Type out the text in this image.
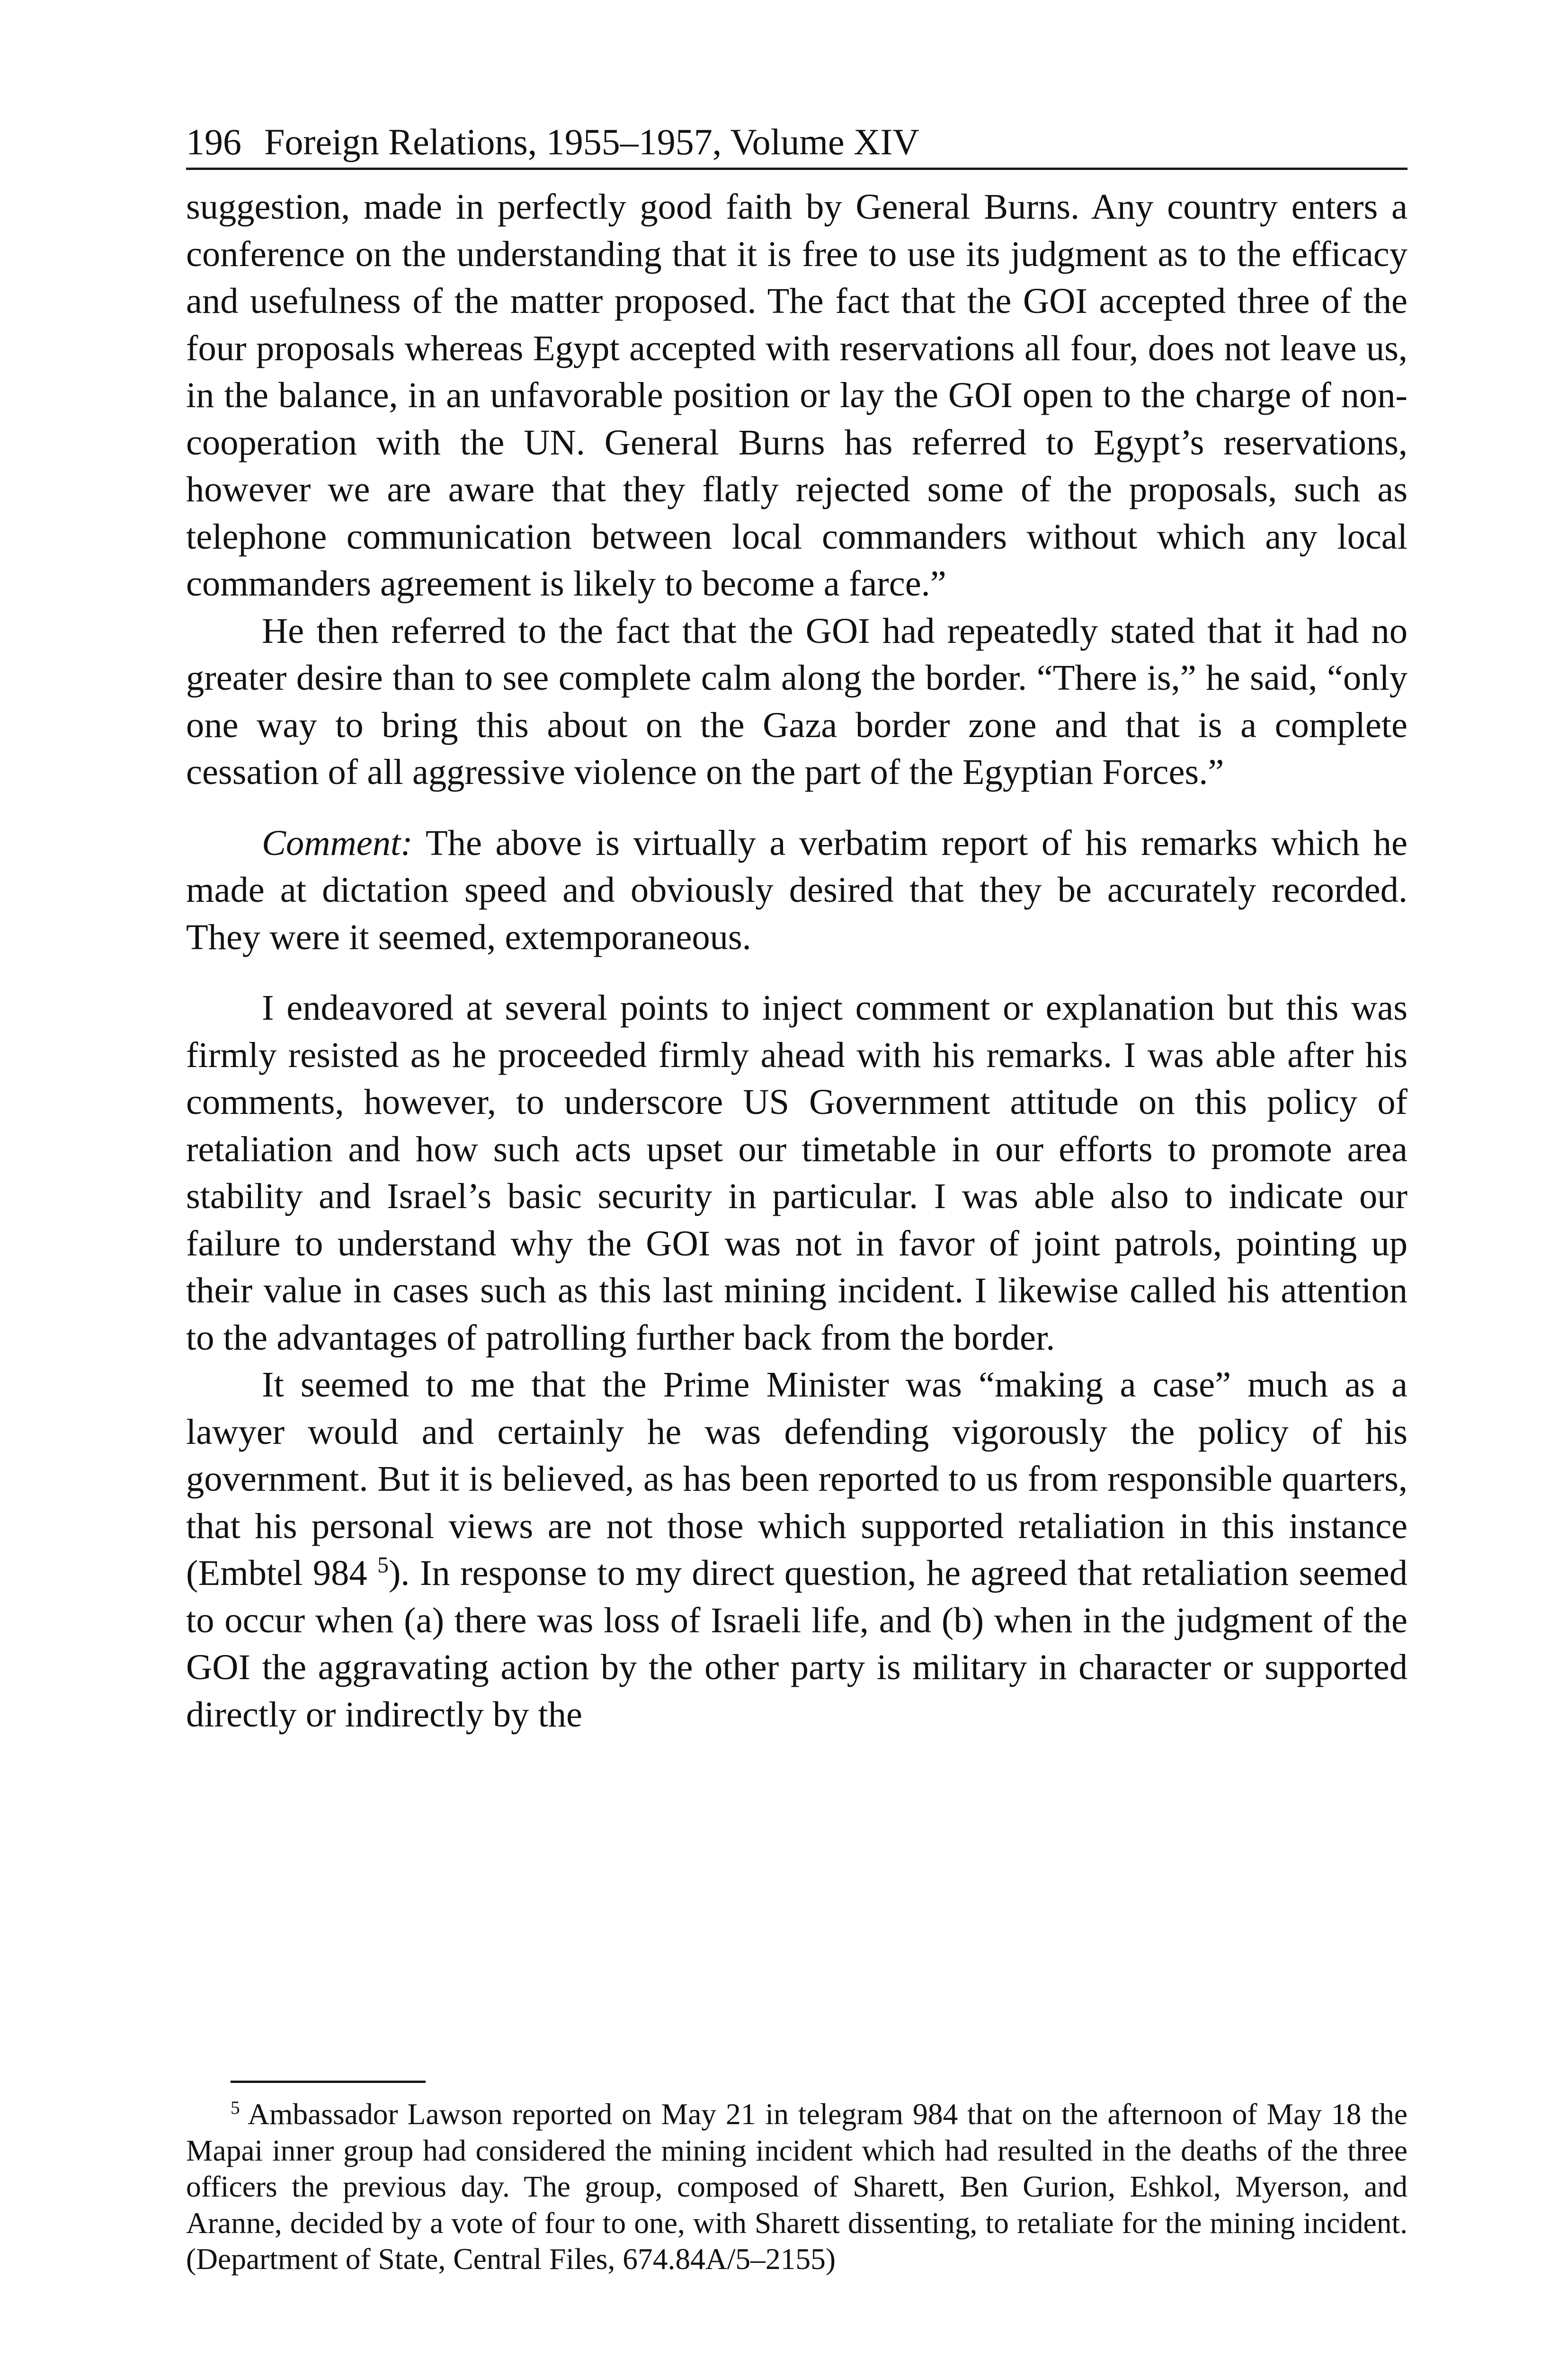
196 Foreign Relations, 1955–1957, Volume XIV

suggestion, made in perfectly good faith by General Burns. Any country enters a conference on the understanding that it is free to use its judgment as to the efficacy and usefulness of the matter proposed. The fact that the GOI accepted three of the four proposals whereas Egypt accepted with reservations all four, does not leave us, in the balance, in an unfavorable position or lay the GOI open to the charge of non-cooperation with the UN. General Burns has referred to Egypt’s reservations, however we are aware that they flatly rejected some of the proposals, such as telephone communication between local commanders without which any local commanders agreement is likely to become a farce.”

He then referred to the fact that the GOI had repeatedly stated that it had no greater desire than to see complete calm along the border. “There is,” he said, “only one way to bring this about on the Gaza border zone and that is a complete cessation of all aggressive violence on the part of the Egyptian Forces.”

Comment: The above is virtually a verbatim report of his remarks which he made at dictation speed and obviously desired that they be accurately recorded. They were it seemed, extemporaneous.

I endeavored at several points to inject comment or explanation but this was firmly resisted as he proceeded firmly ahead with his remarks. I was able after his comments, however, to underscore US Government attitude on this policy of retaliation and how such acts upset our timetable in our efforts to promote area stability and Israel’s basic security in particular. I was able also to indicate our failure to understand why the GOI was not in favor of joint patrols, pointing up their value in cases such as this last mining incident. I likewise called his attention to the advantages of patrolling further back from the border.

It seemed to me that the Prime Minister was “making a case” much as a lawyer would and certainly he was defending vigorously the policy of his government. But it is believed, as has been reported to us from responsible quarters, that his personal views are not those which supported retaliation in this instance (Embtel 984 $^5$). In response to my direct question, he agreed that retaliation seemed to occur when (a) there was loss of Israeli life, and (b) when in the judgment of the GOI the aggravating action by the other party is military in character or supported directly or indirectly by the

$^5$ Ambassador Lawson reported on May 21 in telegram 984 that on the afternoon of May 18 the Mapai inner group had considered the mining incident which had resulted in the deaths of the three officers the previous day. The group, composed of Sharett, Ben Gurion, Eshkol, Myerson, and Aranne, decided by a vote of four to one, with Sharett dissenting, to retaliate for the mining incident. (Department of State, Central Files, 674.84A/5–2155)
